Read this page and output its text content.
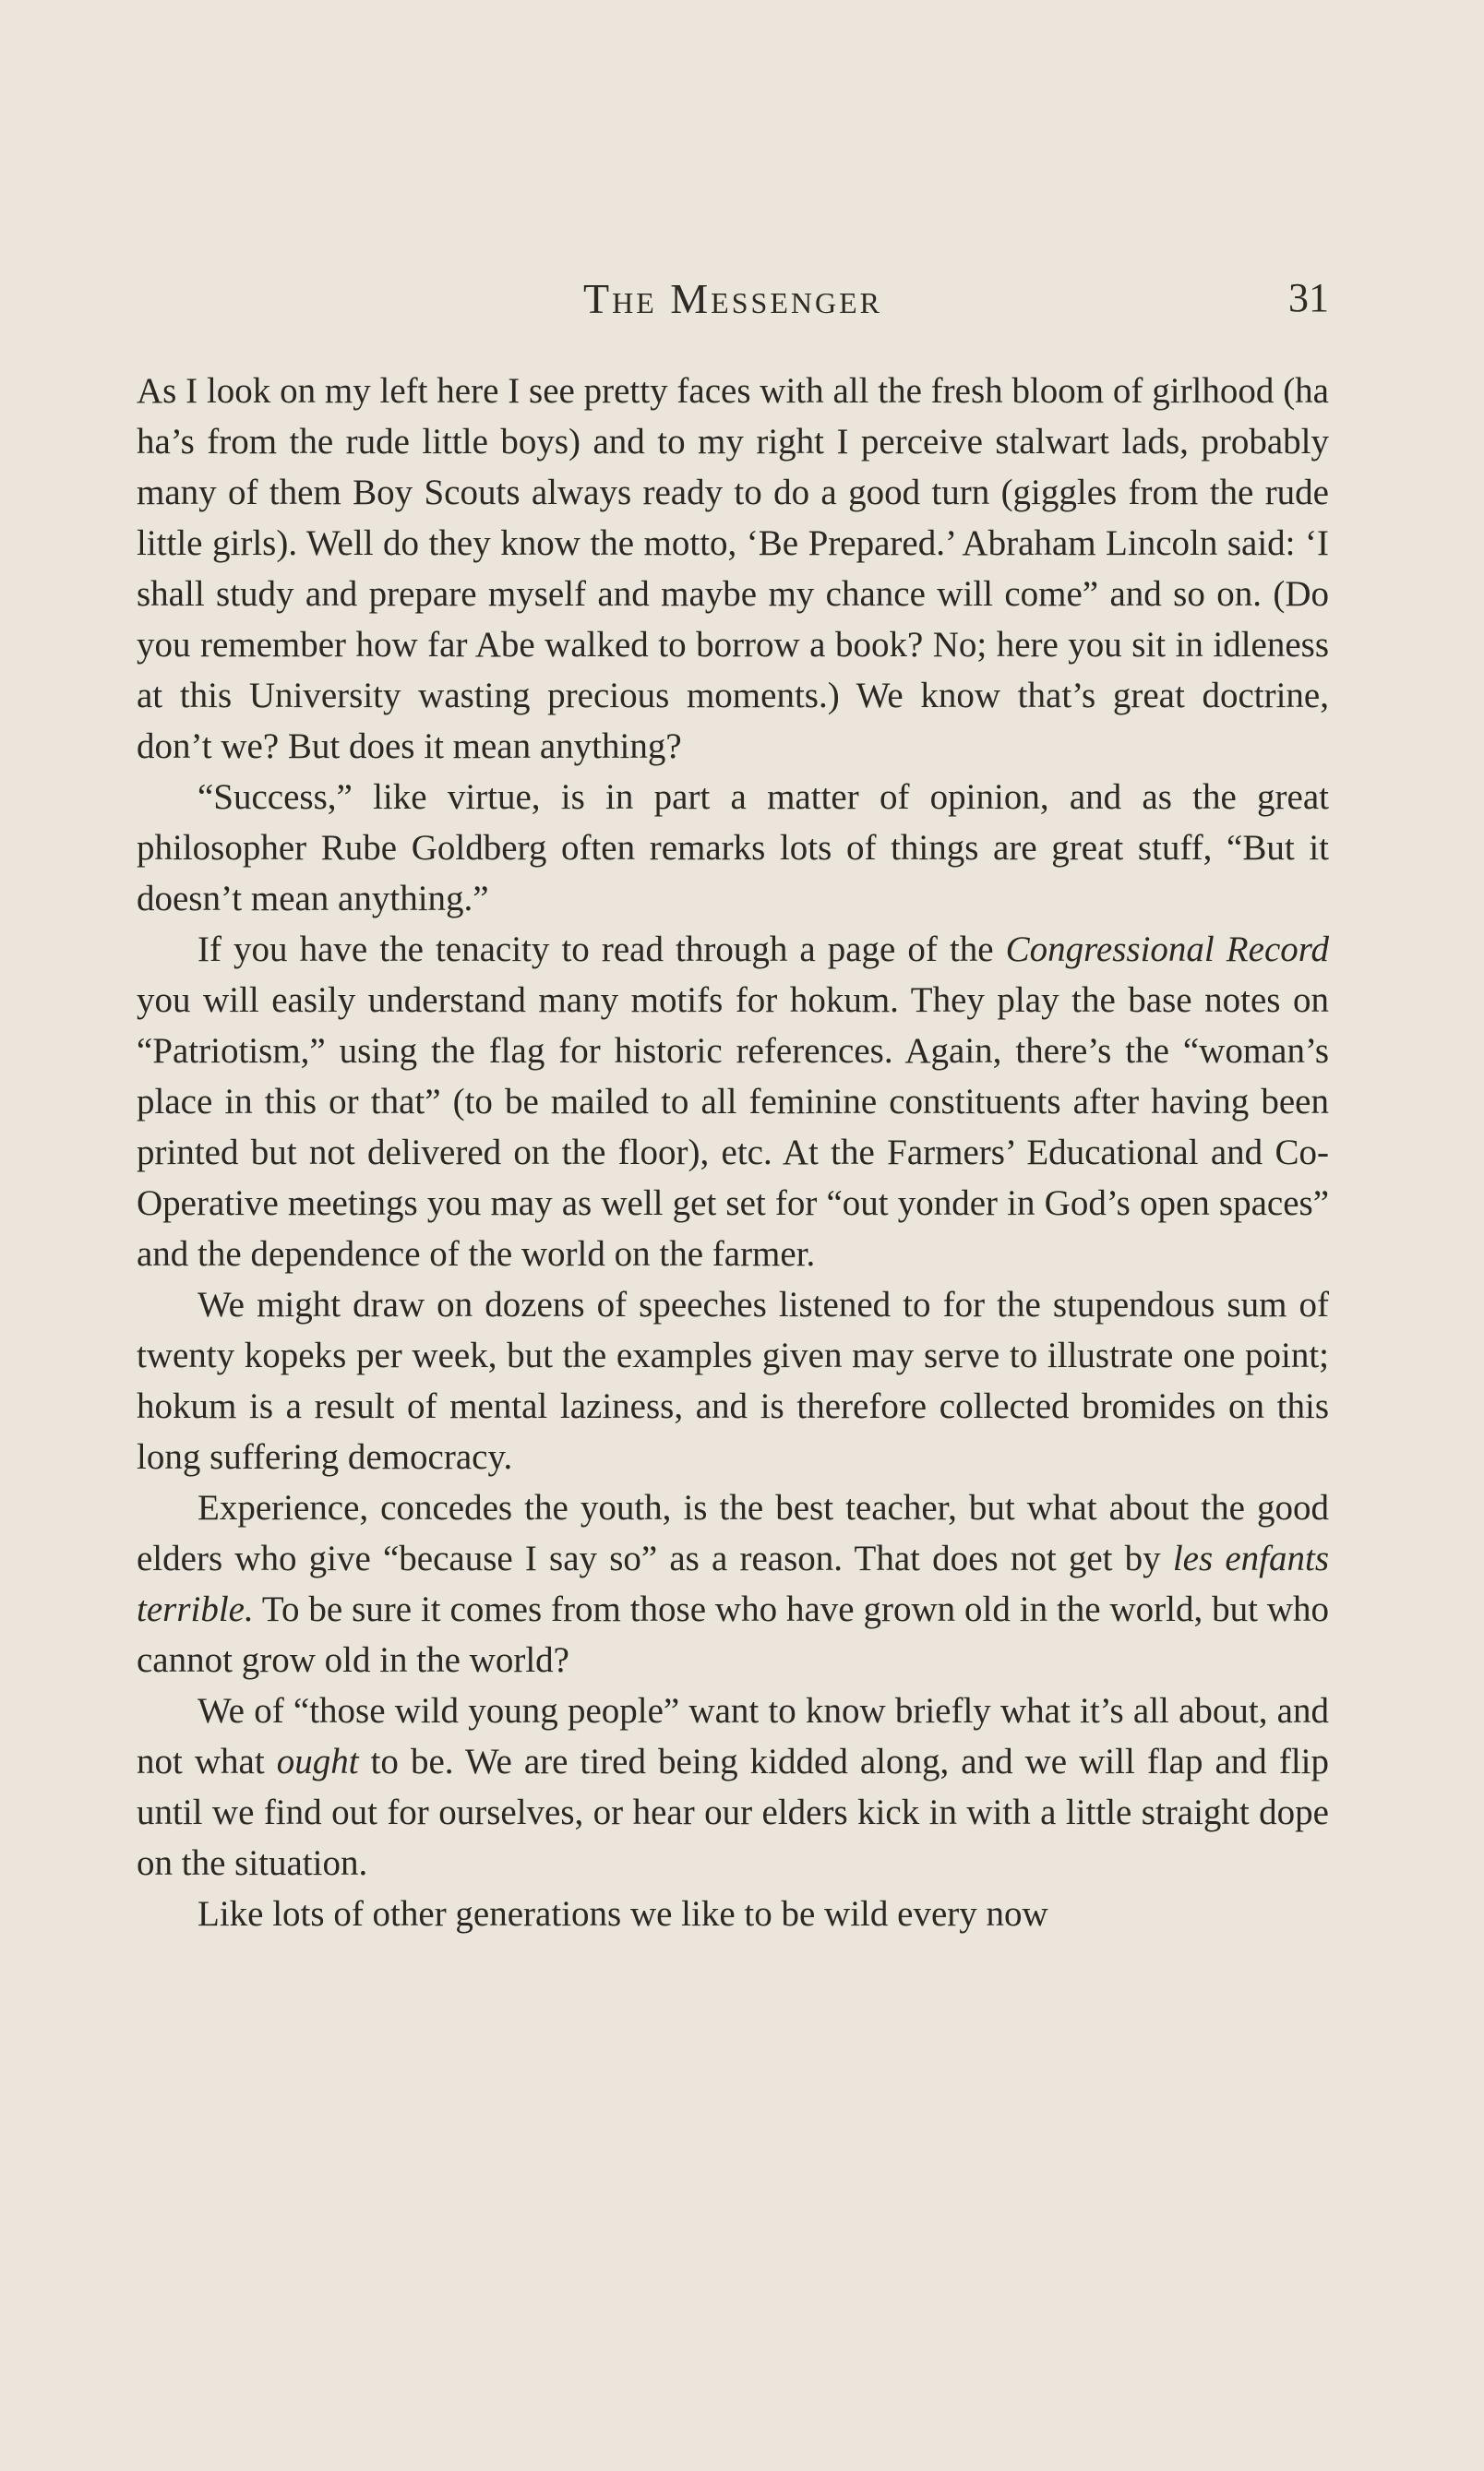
The Messenger	31

As I look on my left here I see pretty faces with all the fresh bloom of girlhood (ha ha’s from the rude little boys) and to my right I perceive stalwart lads, probably many of them Boy Scouts always ready to do a good turn (giggles from the rude little girls). Well do they know the motto, ‘Be Prepared.’ Abraham Lincoln said: ‘I shall study and prepare myself and maybe my chance will come” and so on. (Do you remember how far Abe walked to borrow a book? No; here you sit in idleness at this University wasting precious moments.) We know that’s great doctrine, don’t we? But does it mean anything?

“Success,” like virtue, is in part a matter of opinion, and as the great philosopher Rube Goldberg often remarks lots of things are great stuff, “But it doesn’t mean anything.”

If you have the tenacity to read through a page of the Congressional Record you will easily understand many motifs for hokum. They play the base notes on “Patriotism,” using the flag for historic references. Again, there’s the “woman’s place in this or that” (to be mailed to all feminine constituents after having been printed but not delivered on the floor), etc. At the Farmers’ Educational and Co-Operative meetings you may as well get set for “out yonder in God’s open spaces” and the dependence of the world on the farmer.

We might draw on dozens of speeches listened to for the stupendous sum of twenty kopeks per week, but the examples given may serve to illustrate one point; hokum is a result of mental laziness, and is therefore collected bromides on this long suffering democracy.

Experience, concedes the youth, is the best teacher, but what about the good elders who give “because I say so” as a reason. That does not get by les enfants terrible. To be sure it comes from those who have grown old in the world, but who cannot grow old in the world?

We of “those wild young people” want to know briefly what it’s all about, and not what ought to be. We are tired being kidded along, and we will flap and flip until we find out for ourselves, or hear our elders kick in with a little straight dope on the situation.

Like lots of other generations we like to be wild every now
